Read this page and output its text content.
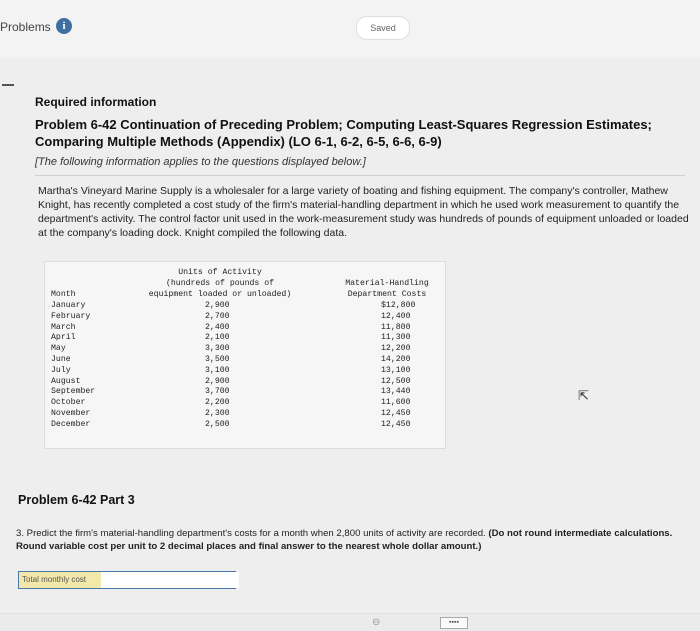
Problems	i	Saved
Required information
Problem 6-42 Continuation of Preceding Problem; Computing Least-Squares Regression Estimates; Comparing Multiple Methods (Appendix) (LO 6-1, 6-2, 6-5, 6-6, 6-9)
[The following information applies to the questions displayed below.]
Martha's Vineyard Marine Supply is a wholesaler for a large variety of boating and fishing equipment. The company's controller, Mathew Knight, has recently completed a cost study of the firm's material-handling department in which he used work measurement to quantify the department's activity. The control factor unit used in the work-measurement study was hundreds of pounds of equipment unloaded or loaded at the company's loading dock. Knight compiled the following data.
Units of Activity
(hundreds of pounds of
equipment loaded or unloaded)
Material-Handling
Department Costs
Month
January	2,900	$12,800
February	2,700	12,400
March	2,400	11,800
April	2,100	11,300
May	3,300	12,200
June	3,500	14,200
July	3,100	13,100
August	2,900	12,500
September	3,700	13,440
October	2,200	11,600
November	2,300	12,450
December	2,500	12,450
⇱
Problem 6-42 Part 3
3. Predict the firm's material-handling department's costs for a month when 2,800 units of activity are recorded. (Do not round intermediate calculations. Round variable cost per unit to 2 decimal places and final answer to the nearest whole dollar amount.)
Total monthly cost
⊖	▪▪▪▪
